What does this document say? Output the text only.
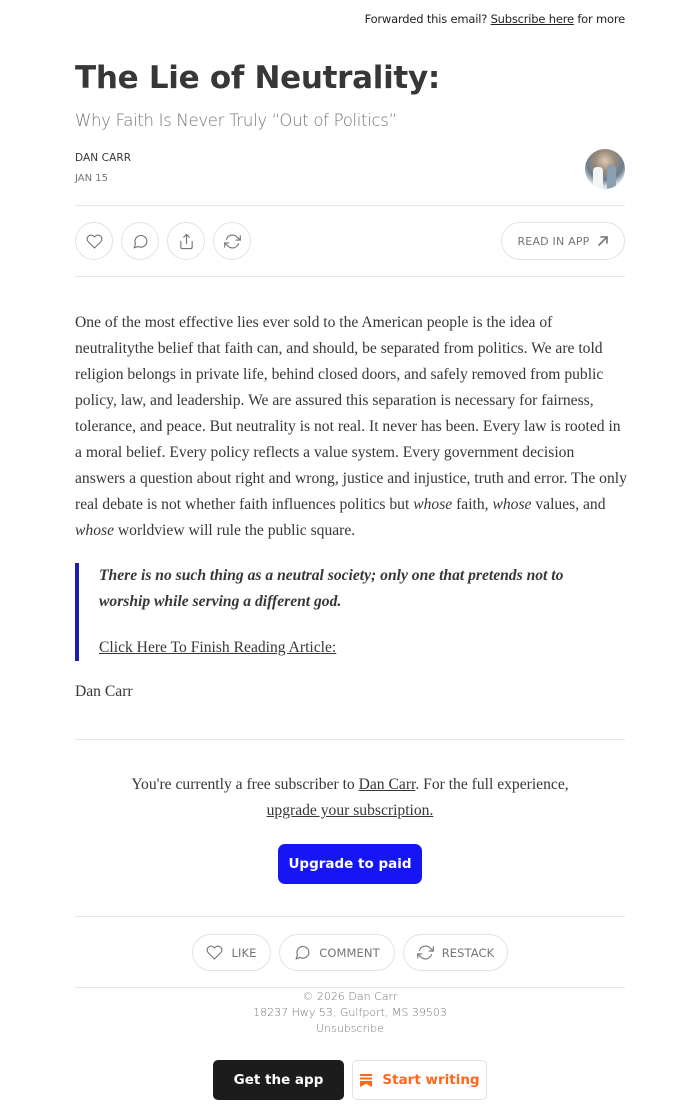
Forwarded this email? Subscribe here for more
The Lie of Neutrality:
Why Faith Is Never Truly “Out of Politics”
DAN CARR
JAN 15
READ IN APP

One of the most effective lies ever sold to the American people is the idea of neutralitythe belief that faith can, and should, be separated from politics. We are told religion belongs in private life, behind closed doors, and safely removed from public policy, law, and leadership. We are assured this separation is necessary for fairness, tolerance, and peace. But neutrality is not real. It never has been. Every law is rooted in a moral belief. Every policy reflects a value system. Every government decision answers a question about right and wrong, justice and injustice, truth and error. The only real debate is not whether faith influences politics but whose faith, whose values, and whose worldview will rule the public square.

There is no such thing as a neutral society; only one that pretends not to worship while serving a different god.
Click Here To Finish Reading Article:
Dan Carr

You're currently a free subscriber to Dan Carr. For the full experience,
upgrade your subscription.

Upgrade to paid
LIKE	COMMENT	RESTACK
© 2026 Dan Carr
18237 Hwy 53, Gulfport, MS 39503
Unsubscribe
Get the app	Start writing
